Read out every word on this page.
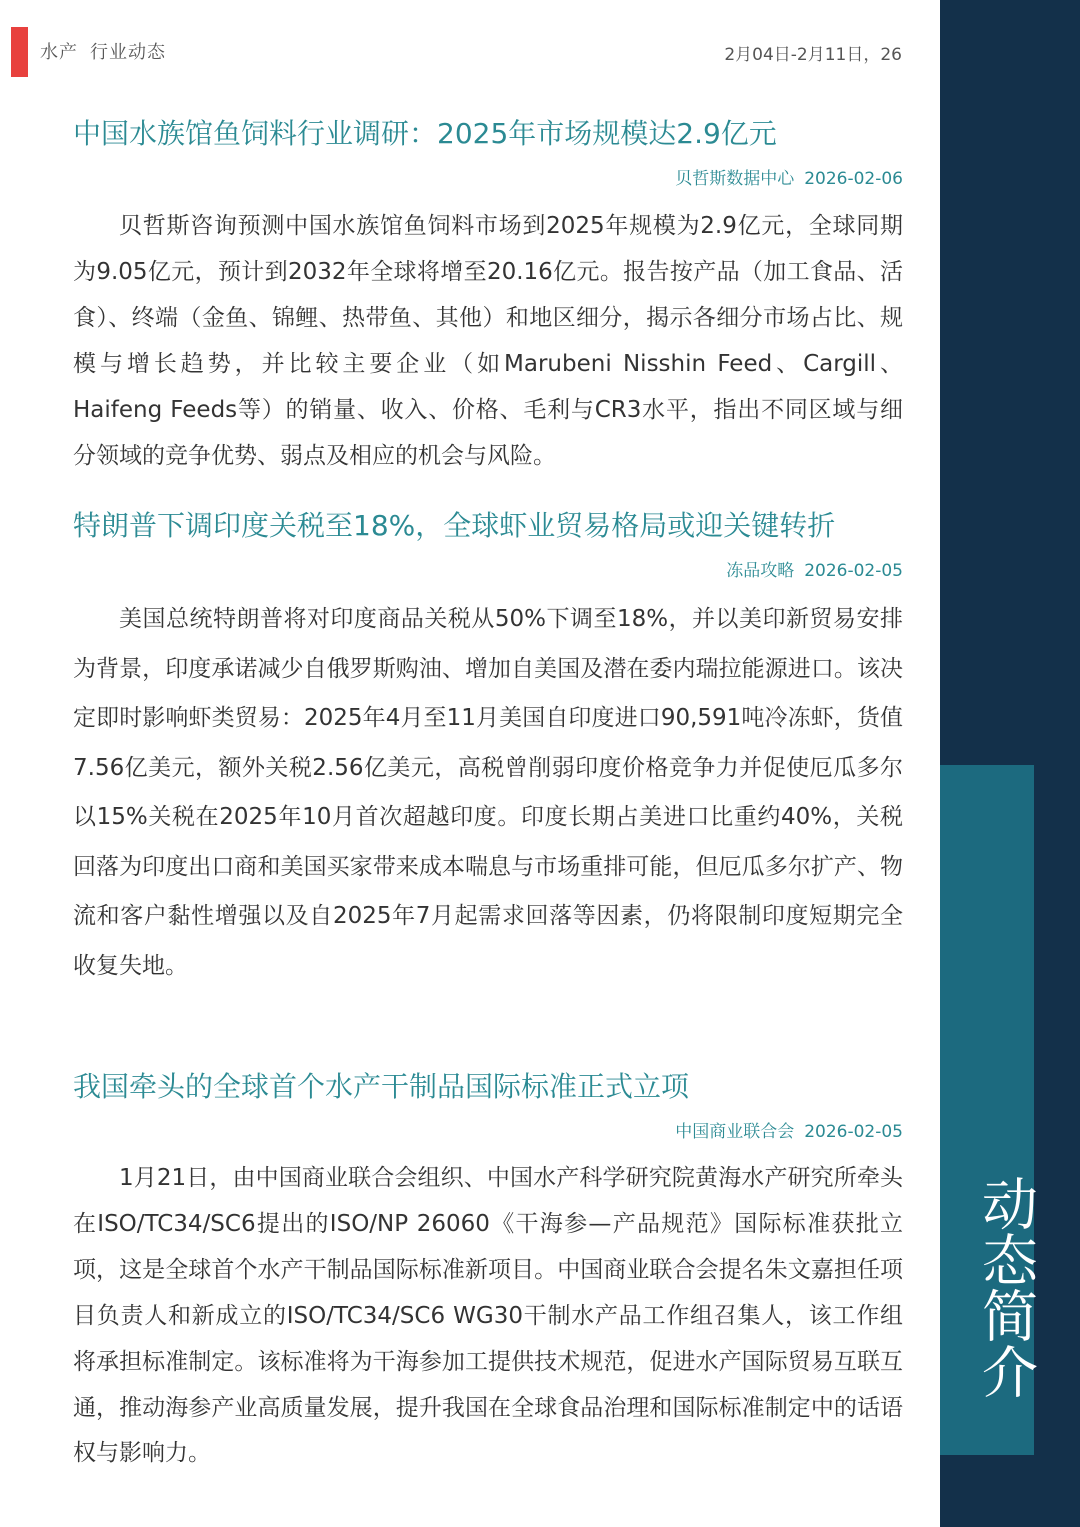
水产 行业动态	2月04日-2月11日，26
动态简介
中国水族馆鱼饲料行业调研：2025年市场规模达2.9亿元
贝哲斯数据中心 2026-02-06
贝哲斯咨询预测中国水族馆鱼饲料市场到2025年规模为2.9亿元，全球同期为9.05亿元，预计到2032年全球将增至20.16亿元。报告按产品（加工食品、活食）、终端（金鱼、锦鲤、热带鱼、其他）和地区细分，揭示各细分市场占比、规模与增长趋势，并比较主要企业（如Marubeni Nisshin Feed、Cargill、Haifeng Feeds等）的销量、收入、价格、毛利与CR3水平，指出不同区域与细分领域的竞争优势、弱点及相应的机会与风险。
特朗普下调印度关税至18%，全球虾业贸易格局或迎关键转折
冻品攻略 2026-02-05
美国总统特朗普将对印度商品关税从50%下调至18%，并以美印新贸易安排为背景，印度承诺减少自俄罗斯购油、增加自美国及潜在委内瑞拉能源进口。该决定即时影响虾类贸易：2025年4月至11月美国自印度进口90,591吨冷冻虾，货值7.56亿美元，额外关税2.56亿美元，高税曾削弱印度价格竞争力并促使厄瓜多尔以15%关税在2025年10月首次超越印度。印度长期占美进口比重约40%，关税回落为印度出口商和美国买家带来成本喘息与市场重排可能，但厄瓜多尔扩产、物流和客户黏性增强以及自2025年7月起需求回落等因素，仍将限制印度短期完全收复失地。
我国牵头的全球首个水产干制品国际标准正式立项
中国商业联合会 2026-02-05
1月21日，由中国商业联合会组织、中国水产科学研究院黄海水产研究所牵头在ISO/TC34/SC6提出的ISO/NP 26060《干海参—产品规范》国际标准获批立项，这是全球首个水产干制品国际标准新项目。中国商业联合会提名朱文嘉担任项目负责人和新成立的ISO/TC34/SC6 WG30干制水产品工作组召集人，该工作组将承担标准制定。该标准将为干海参加工提供技术规范，促进水产国际贸易互联互通，推动海参产业高质量发展，提升我国在全球食品治理和国际标准制定中的话语权与影响力。
